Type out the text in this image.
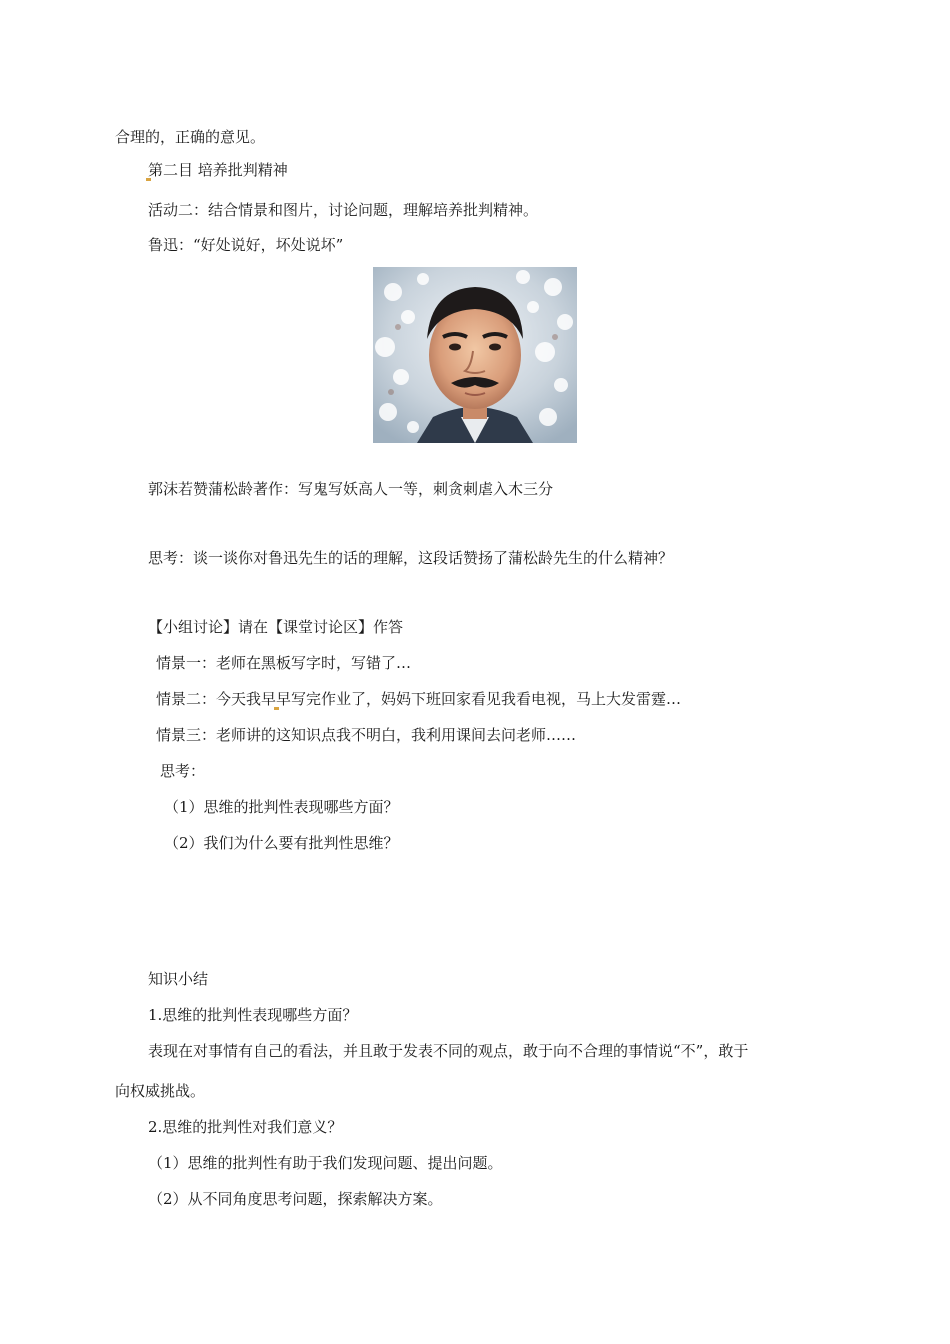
合理的，正确的意见。
第二目 培养批判精神
活动二：结合情景和图片，讨论问题，理解培养批判精神。
鲁迅：“好处说好，坏处说坏”
郭沫若赞蒲松龄著作：写鬼写妖高人一等，刺贪刺虐入木三分
思考：谈一谈你对鲁迅先生的话的理解，这段话赞扬了蒲松龄先生的什么精神？
【小组讨论】请在【课堂讨论区】作答
情景一：老师在黑板写字时，写错了…
情景二：今天我早早写完作业了，妈妈下班回家看见我看电视，马上大发雷霆…
情景三：老师讲的这知识点我不明白，我利用课间去问老师……
思考：
（1）思维的批判性表现哪些方面？
（2）我们为什么要有批判性思维？
知识小结
1.思维的批判性表现哪些方面？
表现在对事情有自己的看法，并且敢于发表不同的观点，敢于向不合理的事情说“不”，敢于
向权威挑战。
2.思维的批判性对我们意义？
（1）思维的批判性有助于我们发现问题、提出问题。
（2）从不同角度思考问题，探索解决方案。
